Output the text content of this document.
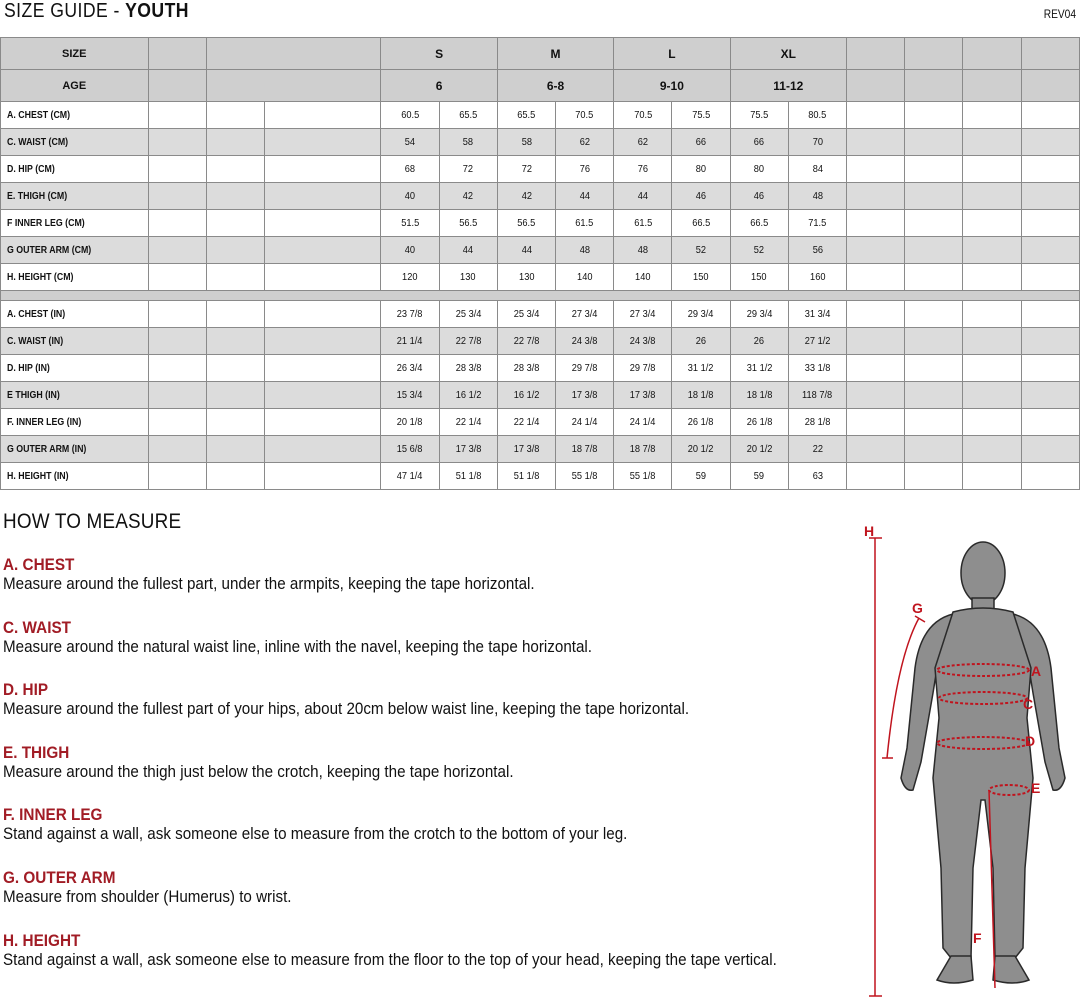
SIZE GUIDE - YOUTH	REV04
SIZE				S		M		L		XL					
AGE				6		6-8		9-10		11-12					
A. CHEST (CM)				60.5	65.5	65.5	70.5	70.5	75.5	75.5	80.5				
C. WAIST (CM)				54	58	58	62	62	66	66	70				
D. HIP (CM)				68	72	72	76	76	80	80	84				
E. THIGH (CM)				40	42	42	44	44	46	46	48				
F INNER LEG (CM)				51.5	56.5	56.5	61.5	61.5	66.5	66.5	71.5				
G OUTER ARM (CM)				40	44	44	48	48	52	52	56				
H. HEIGHT (CM)				120	130	130	140	140	150	150	160				

A. CHEST (IN)				23 7/8	25 3/4	25 3/4	27 3/4	27 3/4	29 3/4	29 3/4	31 3/4				
C. WAIST (IN)				21 1/4	22 7/8	22 7/8	24 3/8	24 3/8	26	26	27 1/2				
D. HIP (IN)				26 3/4	28 3/8	28 3/8	29 7/8	29 7/8	31 1/2	31 1/2	33 1/8				
E THIGH (IN)				15 3/4	16 1/2	16 1/2	17 3/8	17 3/8	18 1/8	18 1/8	118 7/8				
F. INNER LEG (IN)				20 1/8	22 1/4	22 1/4	24 1/4	24 1/4	26 1/8	26 1/8	28 1/8				
G OUTER ARM (IN)				15 6/8	17 3/8	17 3/8	18 7/8	18 7/8	20 1/2	20 1/2	22				
H. HEIGHT (IN)				47 1/4	51 1/8	51 1/8	55 1/8	55 1/8	59	59	63				
HOW TO MEASURE
A. CHEST
Measure around the fullest part, under the armpits, keeping the tape horizontal.
C. WAIST
Measure around the natural waist line, inline with the navel, keeping the tape horizontal.
D. HIP
Measure around the fullest part of your hips, about 20cm below waist line, keeping the tape horizontal.
E. THIGH
Measure around the thigh just below the crotch, keeping the tape horizontal.
F. INNER LEG
Stand against a wall, ask someone else to measure from the crotch to the bottom of your leg.
G. OUTER ARM
Measure from shoulder (Humerus) to wrist.
H. HEIGHT
Stand against a wall, ask someone else to measure from the floor to the top of your head, keeping the tape vertical.
H
G
A
C
D
E
F
